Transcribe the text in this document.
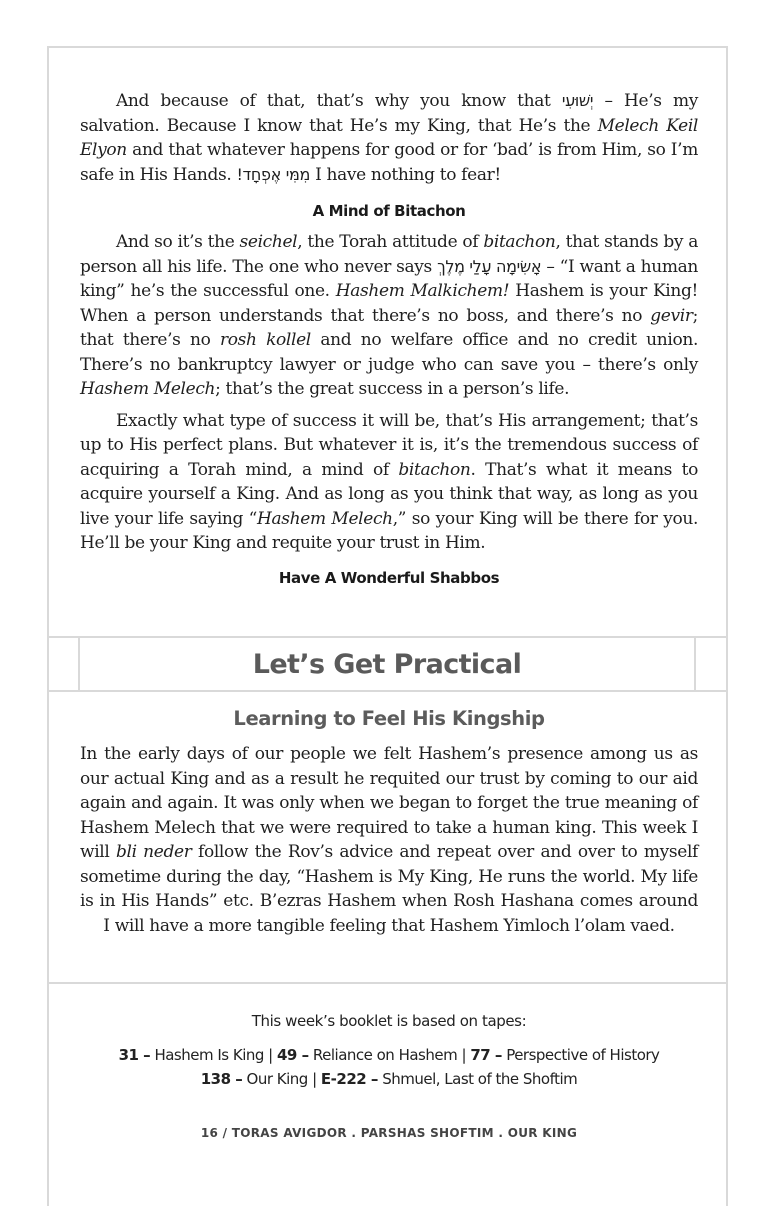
And because of that, that’s why you know that יְשׁוּעִי – He’s my salvation. Because I know that He’s my King, that He’s the Melech Keil Elyon and that whatever happens for good or for ‘bad’ is from Him, so I’m safe in His Hands. מִמִּי אֶפְחָד! I have nothing to fear!

A Mind of Bitachon

And so it’s the seichel, the Torah attitude of bitachon, that stands by a person all his life. The one who never says אָשִׂימָה עָלַי מֶלֶךְ – “I want a human king” he’s the successful one. Hashem Malkichem! Hashem is your King! When a person understands that there’s no boss, and there’s no gevir; that there’s no rosh kollel and no welfare office and no credit union. There’s no bankruptcy lawyer or judge who can save you – there’s only Hashem Melech; that’s the great success in a person’s life.

Exactly what type of success it will be, that’s His arrangement; that’s up to His perfect plans. But whatever it is, it’s the tremendous success of acquiring a Torah mind, a mind of bitachon. That’s what it means to acquire yourself a King. And as long as you think that way, as long as you live your life saying “Hashem Melech,” so your King will be there for you. He’ll be your King and requite your trust in Him.

Have A Wonderful Shabbos
Let’s Get Practical
Learning to Feel His Kingship
In the early days of our people we felt Hashem’s presence among us as our actual King and as a result he requited our trust by coming to our aid again and again. It was only when we began to forget the true meaning of Hashem Melech that we were required to take a human king. This week I will bli neder follow the Rov’s advice and repeat over and over to myself sometime during the day, “Hashem is My King, He runs the world. My life is in His Hands” etc. B’ezras Hashem when Rosh Hashana comes around I will have a more tangible feeling that Hashem Yimloch l’olam vaed.
This week’s booklet is based on tapes:
31 – Hashem Is King | 49 – Reliance on Hashem | 77 – Perspective of History
138 – Our King | E-222 – Shmuel, Last of the Shoftim
16 / TORAS AVIGDOR . PARSHAS SHOFTIM . OUR KING
